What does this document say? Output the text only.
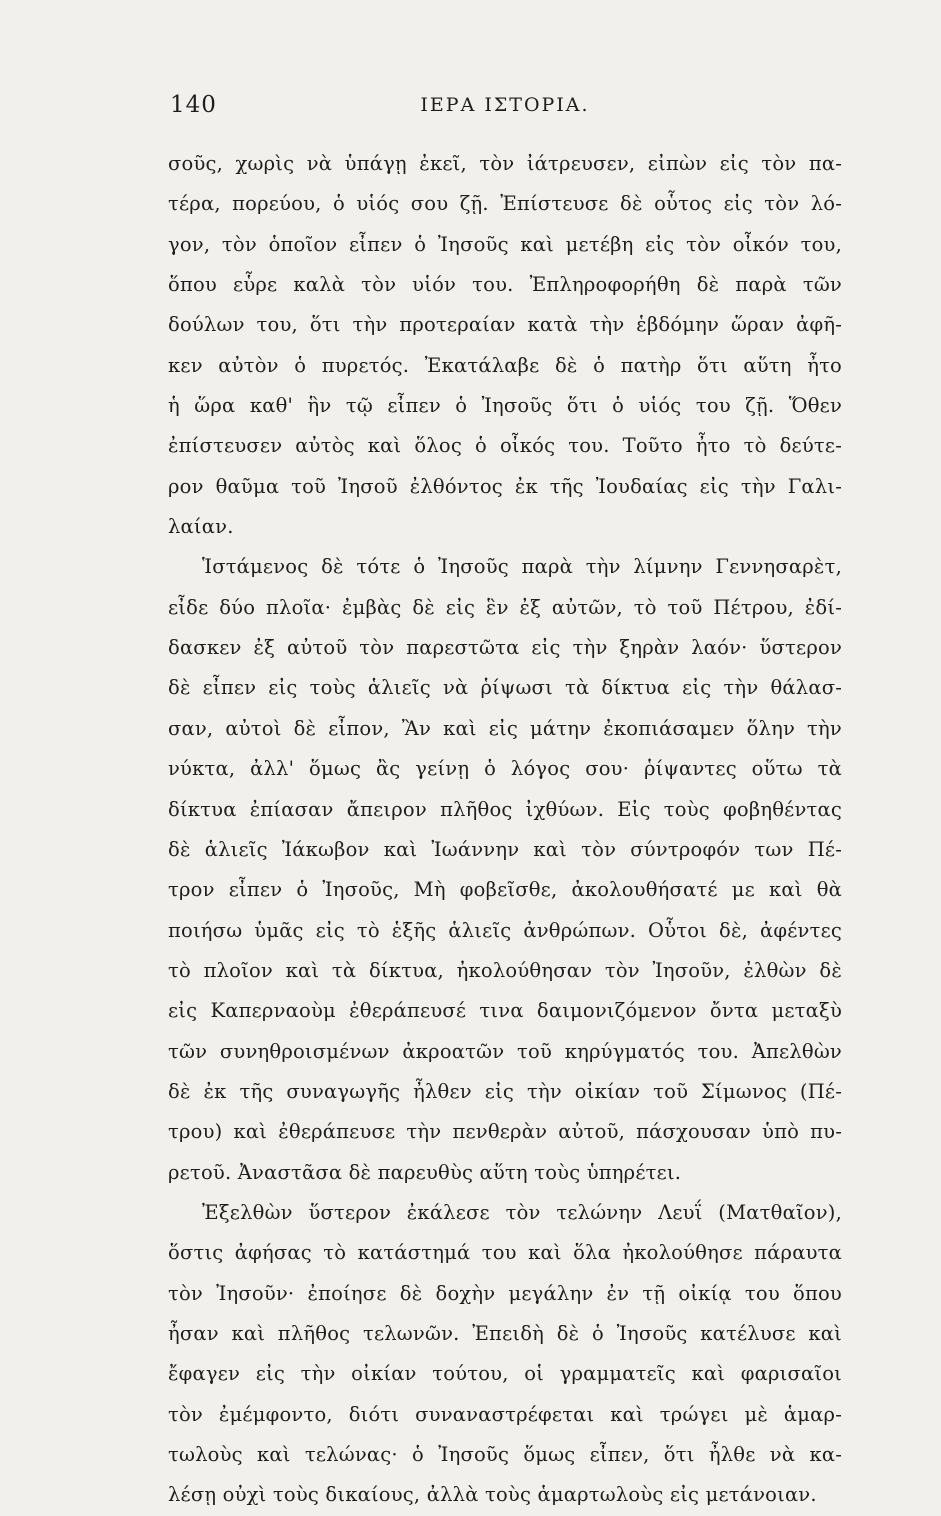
140	ΙΕΡΑ ΙΣΤΟΡΙΑ.
σοῦς, χωρὶς νὰ ὑπάγῃ ἐκεῖ, τὸν ἰάτρευσεν, εἰπὼν εἰς τὸν πα-
τέρα, πορεύου, ὁ υἱός σου ζῇ. Ἐπίστευσε δὲ οὗτος εἰς τὸν λό-
γον, τὸν ὁποῖον εἶπεν ὁ Ἰησοῦς καὶ μετέβη εἰς τὸν οἶκόν του,
ὅπου εὗρε καλὰ τὸν υἱόν του. Ἐπληροφορήθη δὲ παρὰ τῶν
δούλων του, ὅτι τὴν προτεραίαν κατὰ τὴν ἑβδόμην ὥραν ἀφῆ-
κεν αὐτὸν ὁ πυρετός. Ἐκατάλαβε δὲ ὁ πατὴρ ὅτι αὕτη ἦτο
ἡ ὥρα καθ' ἣν τῷ εἶπεν ὁ Ἰησοῦς ὅτι ὁ υἱός του ζῇ. Ὅθεν
ἐπίστευσεν αὐτὸς καὶ ὅλος ὁ οἶκός του. Τοῦτο ἦτο τὸ δεύτε-
ρον θαῦμα τοῦ Ἰησοῦ ἐλθόντος ἐκ τῆς Ἰουδαίας εἰς τὴν Γαλι-
λαίαν.
Ἱστάμενος δὲ τότε ὁ Ἰησοῦς παρὰ τὴν λίμνην Γεννησαρὲτ,
εἶδε δύο πλοῖα· ἐμβὰς δὲ εἰς ἓν ἐξ αὐτῶν, τὸ τοῦ Πέτρου, ἐδί-
δασκεν ἐξ αὐτοῦ τὸν παρεστῶτα εἰς τὴν ξηρὰν λαόν· ὕστερον
δὲ εἶπεν εἰς τοὺς ἁλιεῖς νὰ ῥίψωσι τὰ δίκτυα εἰς τὴν θάλασ-
σαν, αὐτοὶ δὲ εἶπον, Ἂν καὶ εἰς μάτην ἐκοπιάσαμεν ὅλην τὴν
νύκτα, ἀλλ' ὅμως ἂς γείνῃ ὁ λόγος σου· ῥίψαντες οὕτω τὰ
δίκτυα ἐπίασαν ἄπειρον πλῆθος ἰχθύων. Εἰς τοὺς φοβηθέντας
δὲ ἁλιεῖς Ἰάκωβον καὶ Ἰωάννην καὶ τὸν σύντροφόν των Πέ-
τρον εἶπεν ὁ Ἰησοῦς, Μὴ φοβεῖσθε, ἀκολουθήσατέ με καὶ θὰ
ποιήσω ὑμᾶς εἰς τὸ ἑξῆς ἁλιεῖς ἀνθρώπων. Οὗτοι δὲ, ἀφέντες
τὸ πλοῖον καὶ τὰ δίκτυα, ἠκολούθησαν τὸν Ἰησοῦν, ἐλθὼν δὲ
εἰς Καπερναοὺμ ἐθεράπευσέ τινα δαιμονιζόμενον ὄντα μεταξὺ
τῶν συνηθροισμένων ἀκροατῶν τοῦ κηρύγματός του. Ἀπελθὼν
δὲ ἐκ τῆς συναγωγῆς ἦλθεν εἰς τὴν οἰκίαν τοῦ Σίμωνος (Πέ-
τρου) καὶ ἐθεράπευσε τὴν πενθερὰν αὐτοῦ, πάσχουσαν ὑπὸ πυ-
ρετοῦ. Ἀναστᾶσα δὲ παρευθὺς αὕτη τοὺς ὑπηρέτει.
Ἐξελθὼν ὕστερον ἐκάλεσε τὸν τελώνην Λευΐ (Ματθαῖον),
ὅστις ἀφήσας τὸ κατάστημά του καὶ ὅλα ἠκολούθησε πάραυτα
τὸν Ἰησοῦν· ἐποίησε δὲ δοχὴν μεγάλην ἐν τῇ οἰκίᾳ του ὅπου
ἦσαν καὶ πλῆθος τελωνῶν. Ἐπειδὴ δὲ ὁ Ἰησοῦς κατέλυσε καὶ
ἔφαγεν εἰς τὴν οἰκίαν τούτου, οἱ γραμματεῖς καὶ φαρισαῖοι
τὸν ἐμέμφοντο, διότι συναναστρέφεται καὶ τρώγει μὲ ἁμαρ-
τωλοὺς καὶ τελώνας· ὁ Ἰησοῦς ὅμως εἶπεν, ὅτι ἦλθε νὰ κα-
λέσῃ οὐχὶ τοὺς δικαίους, ἀλλὰ τοὺς ἁμαρτωλοὺς εἰς μετάνοιαν.
